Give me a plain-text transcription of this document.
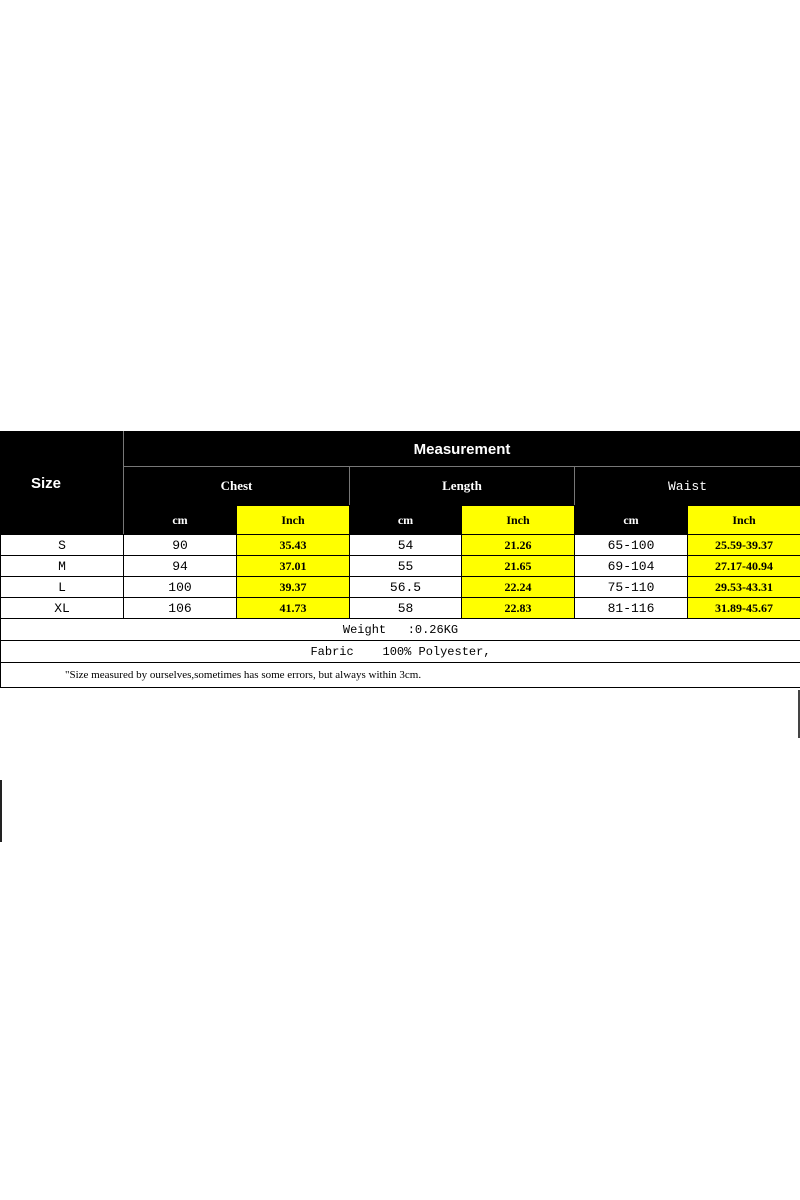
Size	Measurement					
	Chest		Length		Waist	
	cm	Inch	cm	Inch	cm	Inch
S	90	35.43	54	21.26	65-100	25.59-39.37
M	94	37.01	55	21.65	69-104	27.17-40.94
L	100	39.37	56.5	22.24	75-110	29.53-43.31
XL	106	41.73	58	22.83	81-116	31.89-45.67
Weight   :0.26KG						
Fabric    100% Polyester,						
"Size measured by ourselves,sometimes has some errors, but always within 3cm.						
